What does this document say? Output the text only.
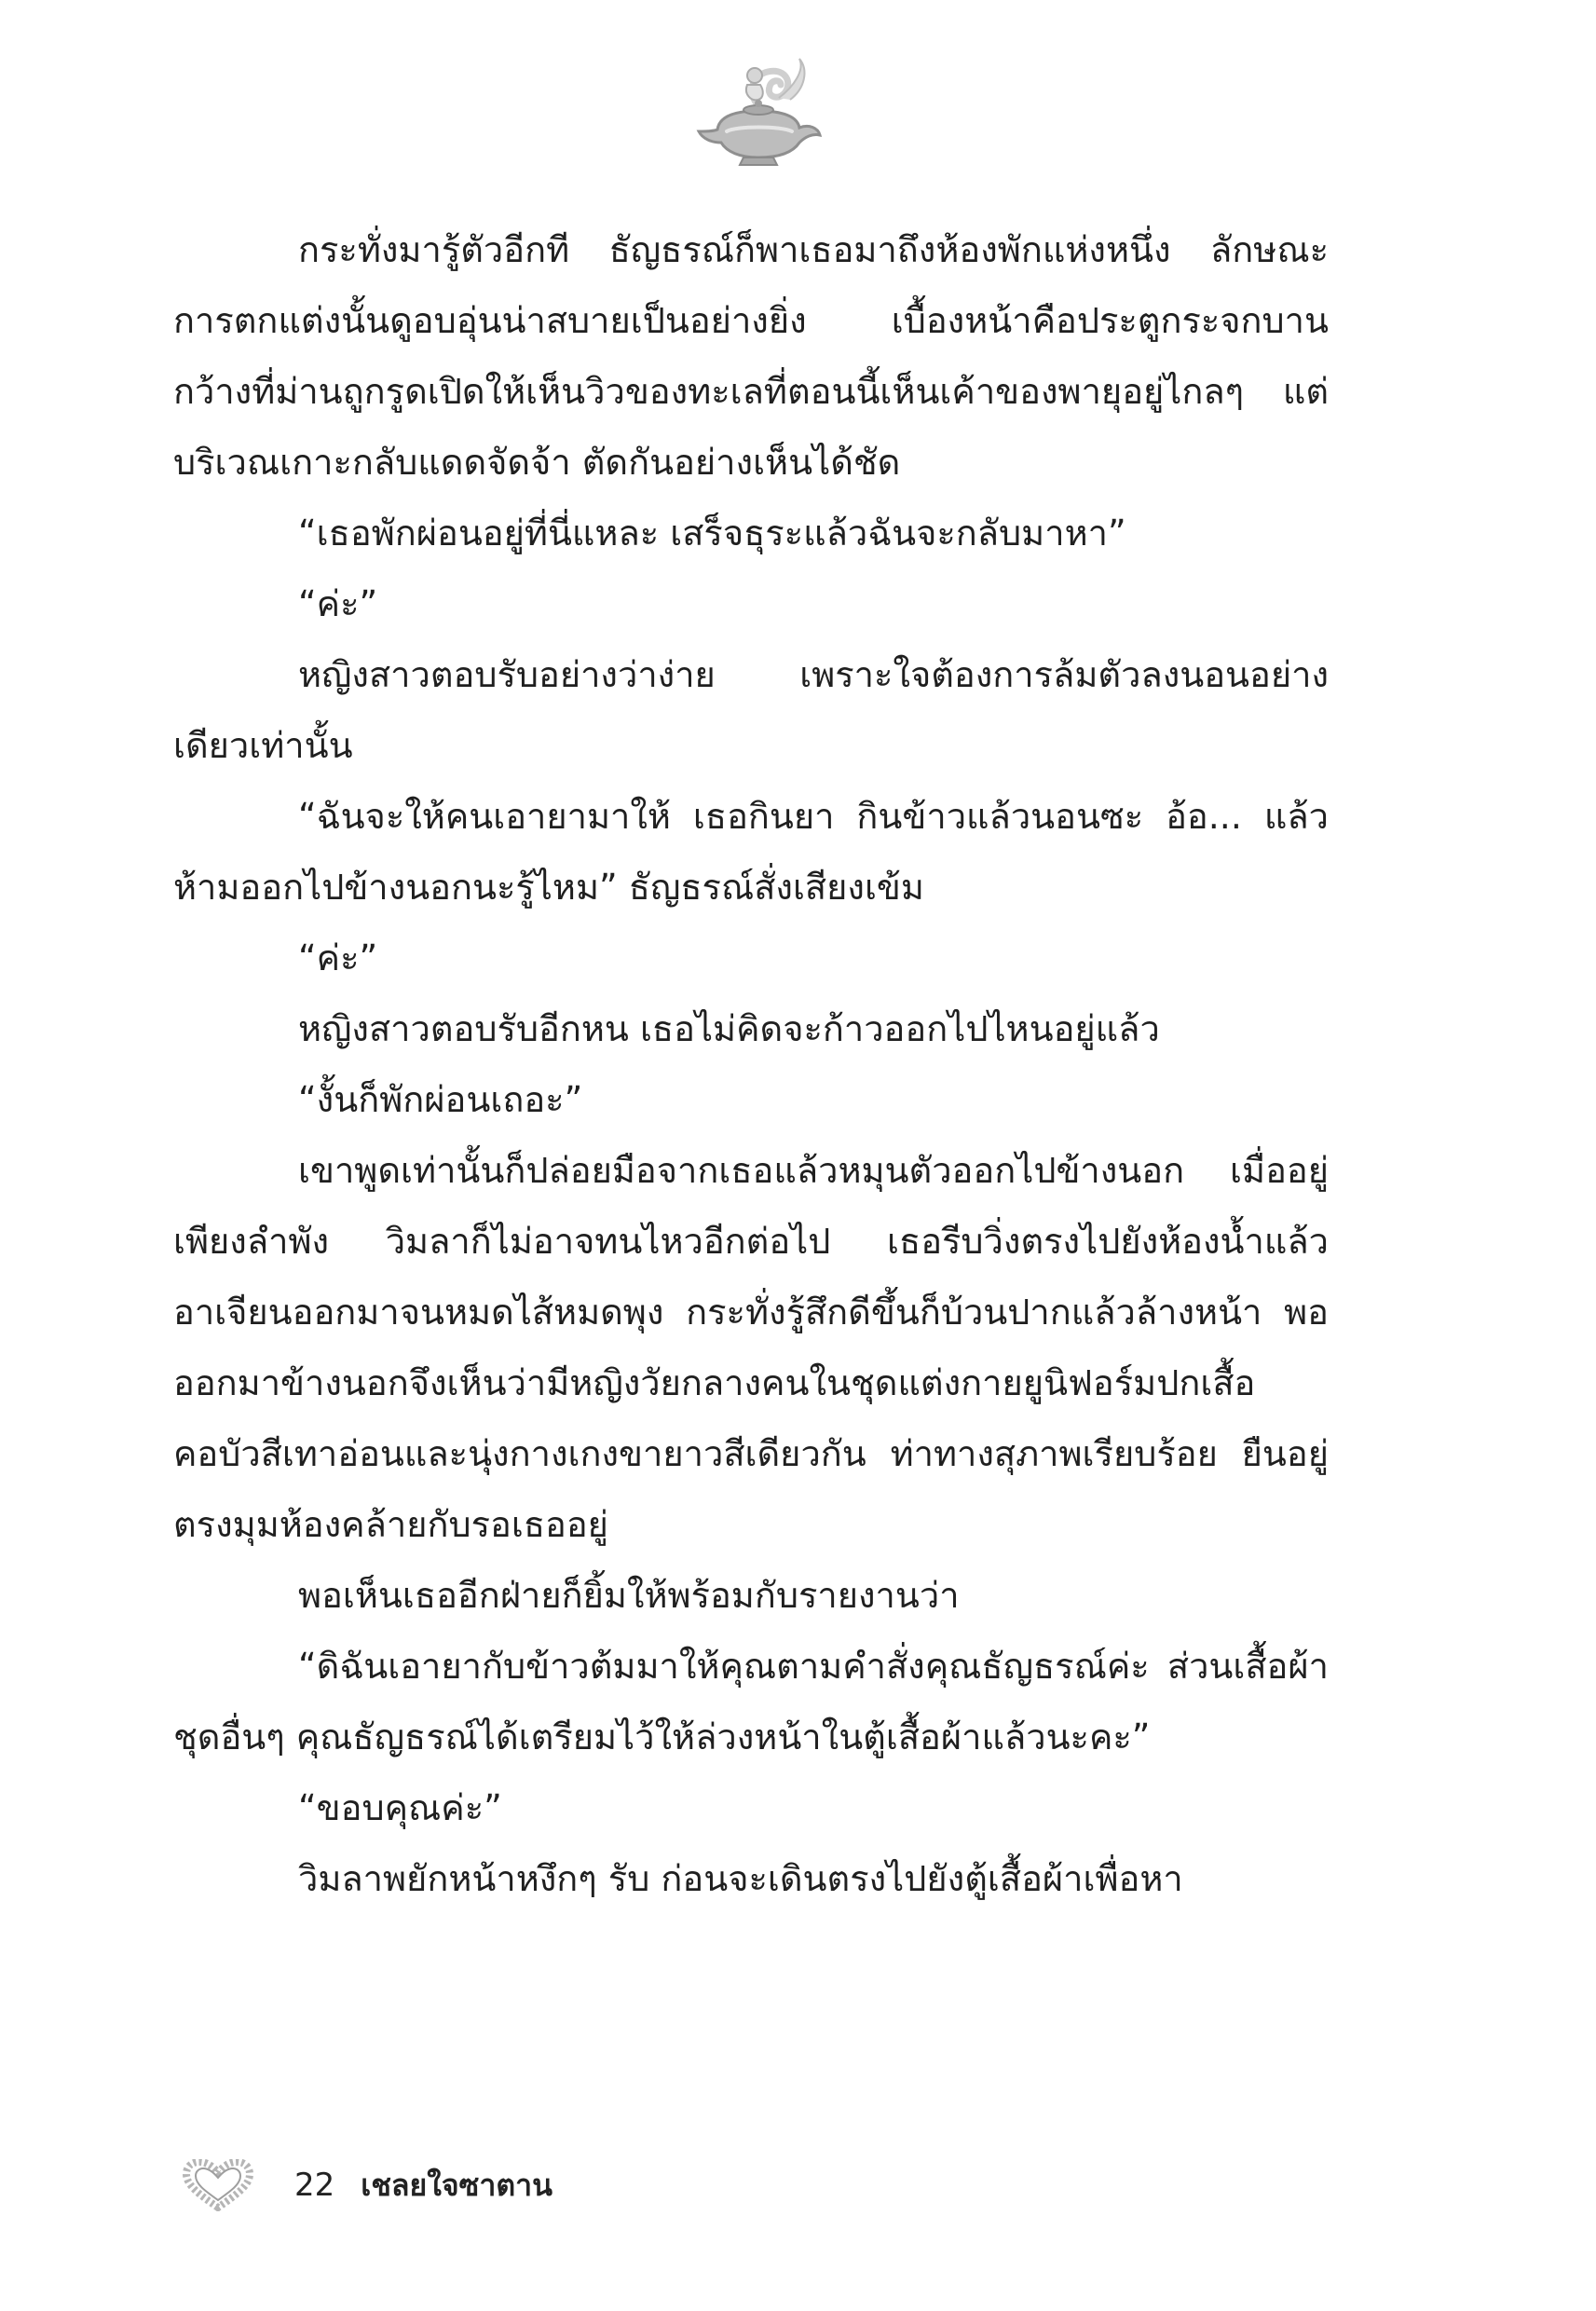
กระทั่งมารู้ตัวอีกที ธัญธรณ์ก็พาเธอมาถึงห้องพักแห่งหนึ่ง ลักษณะการตกแต่งนั้นดูอบอุ่นน่าสบายเป็นอย่างยิ่ง เบื้องหน้าคือประตูกระจกบานกว้างที่ม่านถูกรูดเปิดให้เห็นวิวของทะเลที่ตอนนี้เห็นเค้าของพายุอยู่ไกลๆ แต่บริเวณเกาะกลับแดดจัดจ้า ตัดกันอย่างเห็นได้ชัด

“เธอพักผ่อนอยู่ที่นี่แหละ เสร็จธุระแล้วฉันจะกลับมาหา”

“ค่ะ”

หญิงสาวตอบรับอย่างว่าง่าย เพราะใจต้องการล้มตัวลงนอนอย่างเดียวเท่านั้น

“ฉันจะให้คนเอายามาให้ เธอกินยา กินข้าวแล้วนอนซะ อ้อ... แล้วห้ามออกไปข้างนอกนะรู้ไหม” ธัญธรณ์สั่งเสียงเข้ม

“ค่ะ”

หญิงสาวตอบรับอีกหน เธอไม่คิดจะก้าวออกไปไหนอยู่แล้ว

“งั้นก็พักผ่อนเถอะ”

เขาพูดเท่านั้นก็ปล่อยมือจากเธอแล้วหมุนตัวออกไปข้างนอก เมื่ออยู่เพียงลำพัง วิมลาก็ไม่อาจทนไหวอีกต่อไป เธอรีบวิ่งตรงไปยังห้องน้ำแล้วอาเจียนออกมาจนหมดไส้หมดพุง กระทั่งรู้สึกดีขึ้นก็บ้วนปากแล้วล้างหน้า พอออกมาข้างนอกจึงเห็นว่ามีหญิงวัยกลางคนในชุดแต่งกายยูนิฟอร์มปกเสื้อคอบัวสีเทาอ่อนและนุ่งกางเกงขายาวสีเดียวกัน ท่าทางสุภาพเรียบร้อย ยืนอยู่ตรงมุมห้องคล้ายกับรอเธออยู่

พอเห็นเธออีกฝ่ายก็ยิ้มให้พร้อมกับรายงานว่า

“ดิฉันเอายากับข้าวต้มมาให้คุณตามคำสั่งคุณธัญธรณ์ค่ะ ส่วนเสื้อผ้าชุดอื่นๆ คุณธัญธรณ์ได้เตรียมไว้ให้ล่วงหน้าในตู้เสื้อผ้าแล้วนะคะ”

“ขอบคุณค่ะ”

วิมลาพยักหน้าหงึกๆ รับ ก่อนจะเดินตรงไปยังตู้เสื้อผ้าเพื่อหา

22 เชลยใจซาตาน
